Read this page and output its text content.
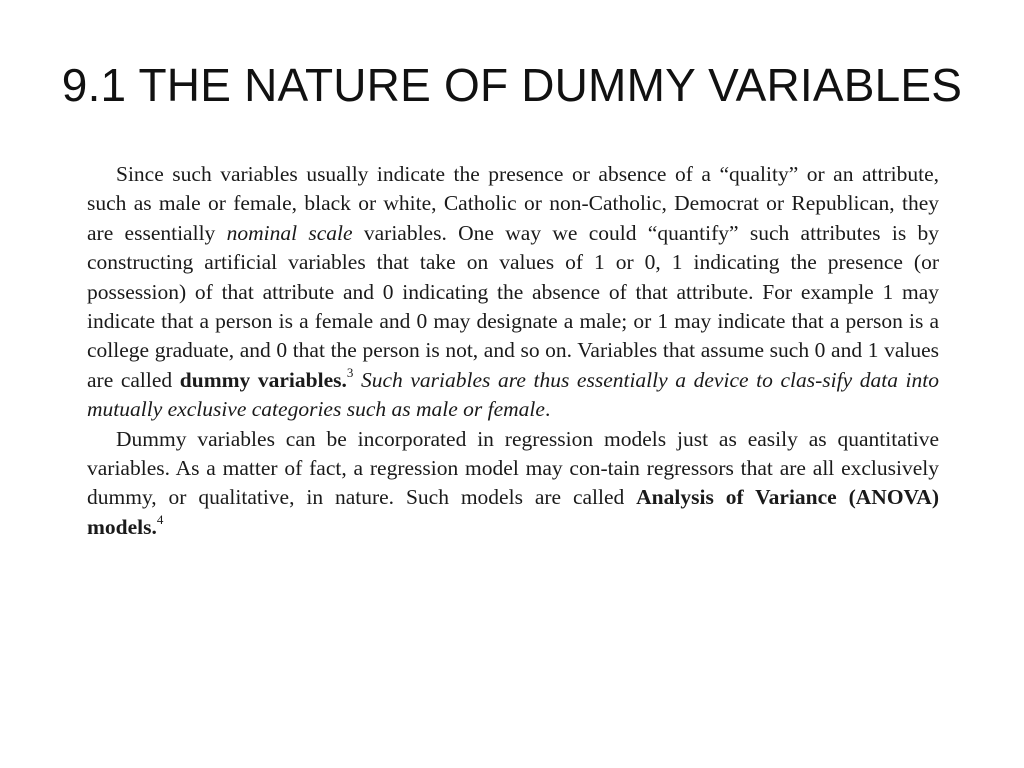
9.1 THE NATURE OF DUMMY VARIABLES

Since such variables usually indicate the presence or absence of a “quality” or an attribute, such as male or female, black or white, Catholic or non-Catholic, Democrat or Republican, they are essentially nominal scale variables. One way we could “quantify” such attributes is by constructing artificial variables that take on values of 1 or 0, 1 indicating the presence (or possession) of that attribute and 0 indicating the absence of that attribute. For example 1 may indicate that a person is a female and 0 may designate a male; or 1 may indicate that a person is a college graduate, and 0 that the person is not, and so on. Variables that assume such 0 and 1 values are called dummy variables.$^3$ Such variables are thus essentially a device to clas-sify data into mutually exclusive categories such as male or female.

Dummy variables can be incorporated in regression models just as easily as quantitative variables. As a matter of fact, a regression model may con-tain regressors that are all exclusively dummy, or qualitative, in nature. Such models are called Analysis of Variance (ANOVA) models.$^4$
